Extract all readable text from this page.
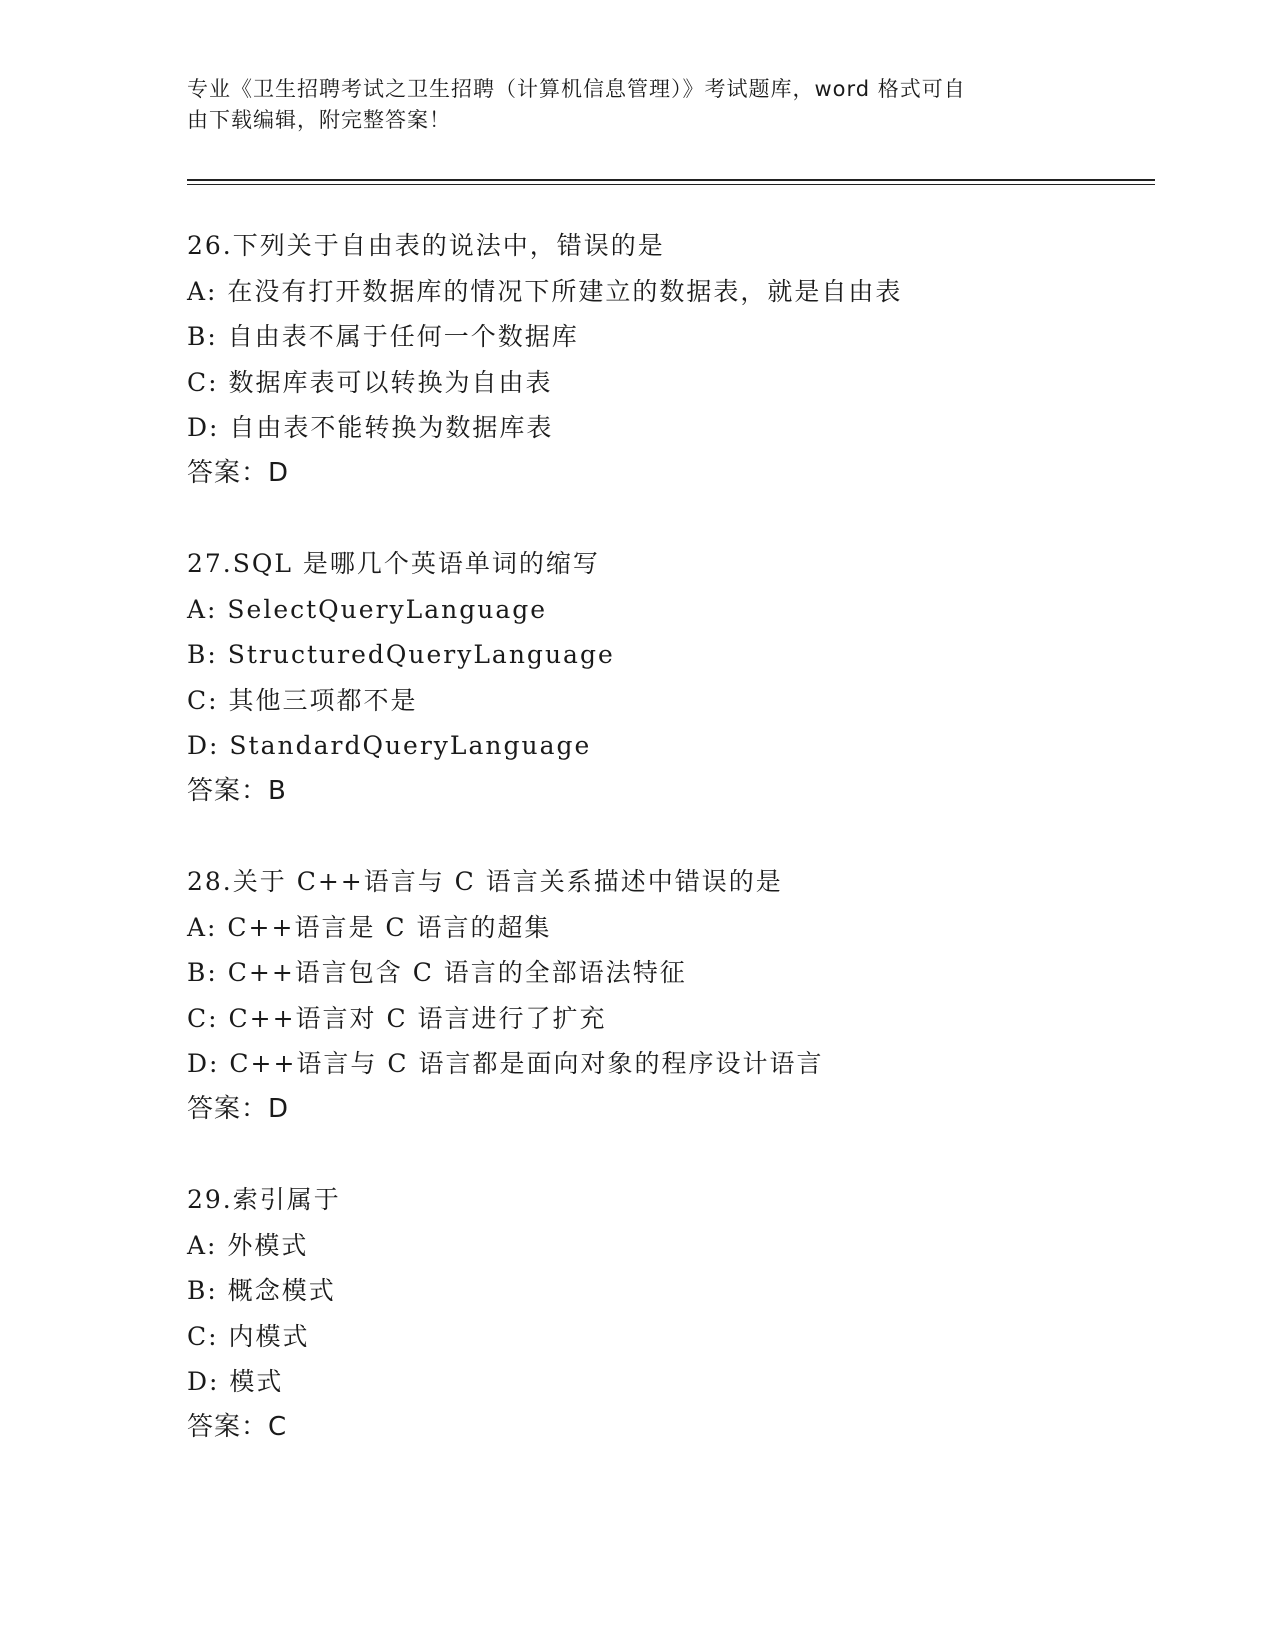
专业《卫生招聘考试之卫生招聘（计算机信息管理）》考试题库，word 格式可自
由下载编辑，附完整答案！
26.下列关于自由表的说法中，错误的是
A: 在没有打开数据库的情况下所建立的数据表，就是自由表
B: 自由表不属于任何一个数据库
C: 数据库表可以转换为自由表
D: 自由表不能转换为数据库表
答案：D
27.SQL 是哪几个英语单词的缩写
A: SelectQueryLanguage
B: StructuredQueryLanguage
C: 其他三项都不是
D: StandardQueryLanguage
答案：B
28.关于 C++语言与 C 语言关系描述中错误的是
A: C++语言是 C 语言的超集
B: C++语言包含 C 语言的全部语法特征
C: C++语言对 C 语言进行了扩充
D: C++语言与 C 语言都是面向对象的程序设计语言
答案：D
29.索引属于
A: 外模式
B: 概念模式
C: 内模式
D: 模式
答案：C
